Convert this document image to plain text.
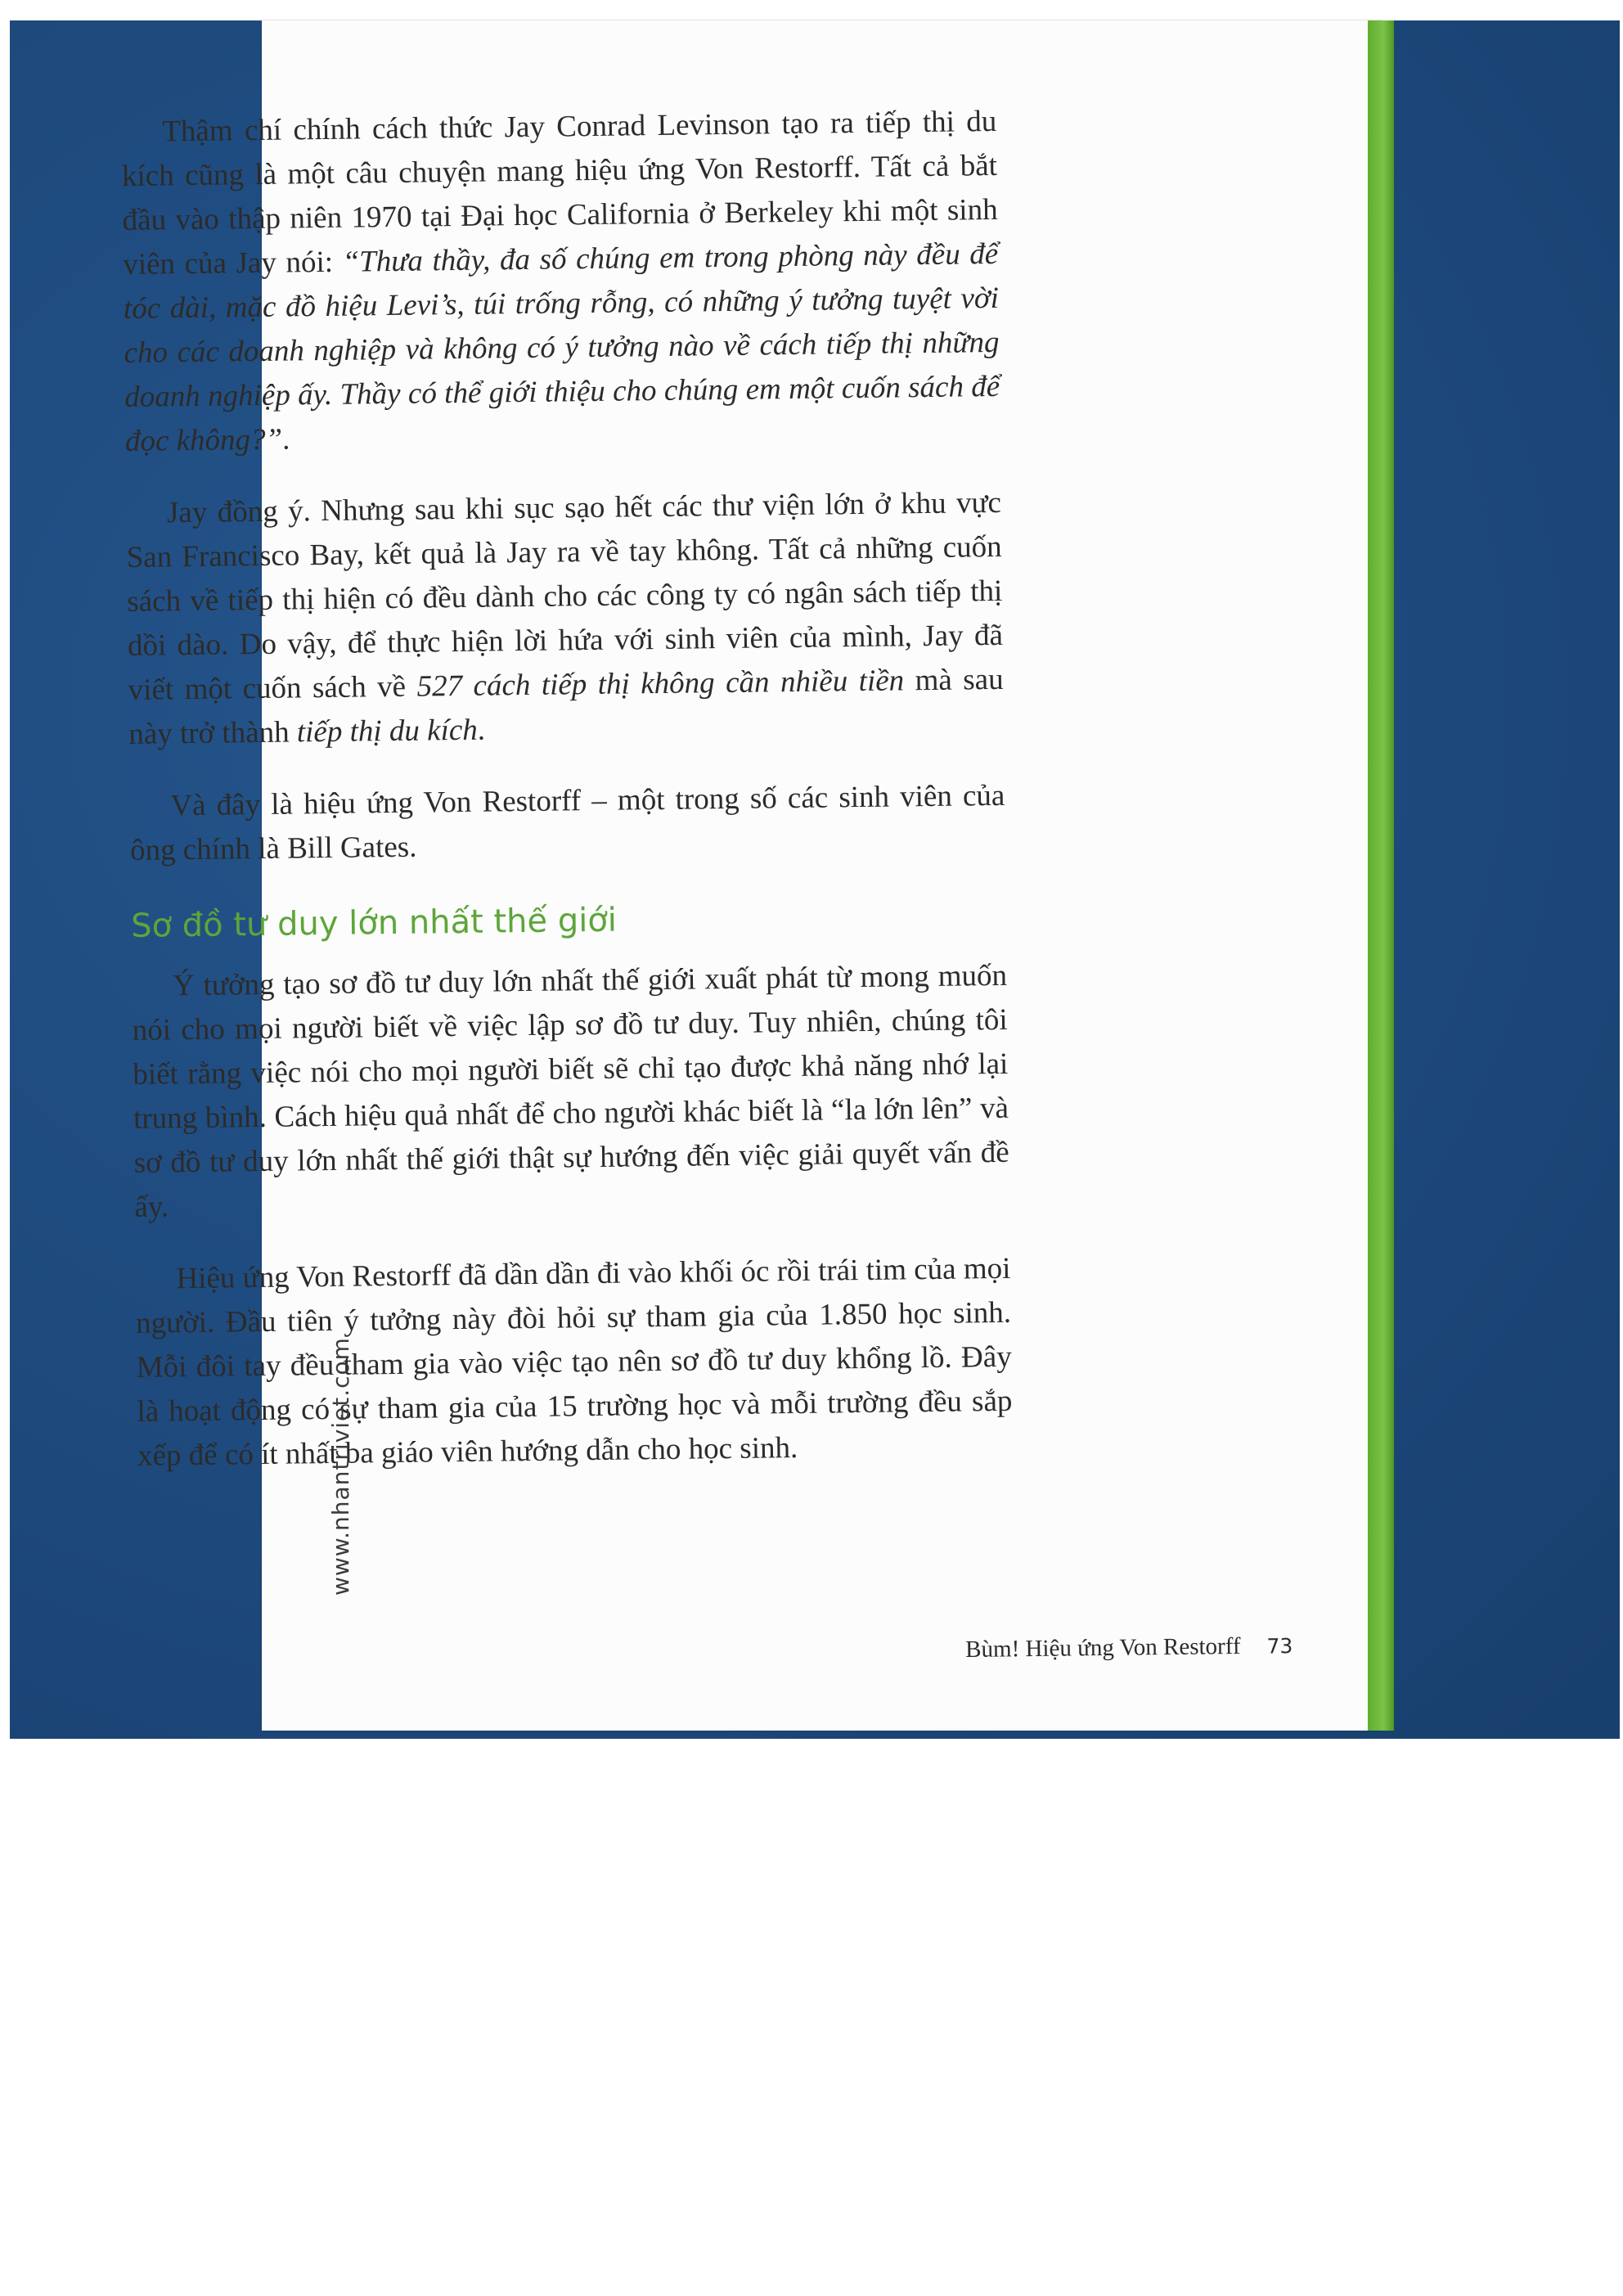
Thậm chí chính cách thức Jay Conrad Levinson tạo ra tiếp thị du kích cũng là một câu chuyện mang hiệu ứng Von Restorff. Tất cả bắt đầu vào thập niên 1970 tại Đại học California ở Berkeley khi một sinh viên của Jay nói: “Thưa thầy, đa số chúng em trong phòng này đều để tóc dài, mặc đồ hiệu Levi’s, túi trống rỗng, có những ý tưởng tuyệt vời cho các doanh nghiệp và không có ý tưởng nào về cách tiếp thị những doanh nghiệp ấy. Thầy có thể giới thiệu cho chúng em một cuốn sách để đọc không?”.

Jay đồng ý. Nhưng sau khi sục sạo hết các thư viện lớn ở khu vực San Francisco Bay, kết quả là Jay ra về tay không. Tất cả những cuốn sách về tiếp thị hiện có đều dành cho các công ty có ngân sách tiếp thị dồi dào. Do vậy, để thực hiện lời hứa với sinh viên của mình, Jay đã viết một cuốn sách về 527 cách tiếp thị không cần nhiều tiền mà sau này trở thành tiếp thị du kích.

Và đây là hiệu ứng Von Restorff – một trong số các sinh viên của ông chính là Bill Gates.

Sơ đồ tư duy lớn nhất thế giới

Ý tưởng tạo sơ đồ tư duy lớn nhất thế giới xuất phát từ mong muốn nói cho mọi người biết về việc lập sơ đồ tư duy. Tuy nhiên, chúng tôi biết rằng việc nói cho mọi người biết sẽ chỉ tạo được khả năng nhớ lại trung bình. Cách hiệu quả nhất để cho người khác biết là “la lớn lên” và sơ đồ tư duy lớn nhất thế giới thật sự hướng đến việc giải quyết vấn đề ấy.

Hiệu ứng Von Restorff đã dần dần đi vào khối óc rồi trái tim của mọi người. Đầu tiên ý tưởng này đòi hỏi sự tham gia của 1.850 học sinh. Mỗi đôi tay đều tham gia vào việc tạo nên sơ đồ tư duy khổng lồ. Đây là hoạt động có sự tham gia của 15 trường học và mỗi trường đều sắp xếp để có ít nhất ba giáo viên hướng dẫn cho học sinh.

www.nhantriviet.com
Bùm! Hiệu ứng Von Restorff 73
